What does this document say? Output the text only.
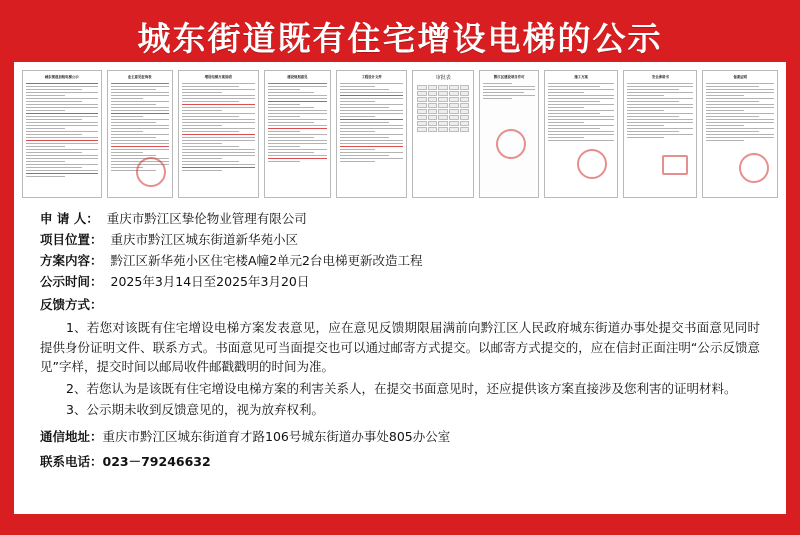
城东街道既有住宅增设电梯的公示
城东街道加装电梯公示	业主意见征询表	增设电梯方案说明	建设规划意见	工程设计文件	审批表	黔江区建设项目许可	施工方案	安全承诺书	备案证明
申 请 人： 重庆市黔江区挚伦物业管理有限公司
项目位置： 重庆市黔江区城东街道新华苑小区
方案内容： 黔江区新华苑小区住宅楼A幢2单元2台电梯更新改造工程
公示时间： 2025年3月14日至2025年3月20日
反馈方式：
1、若您对该既有住宅增设电梯方案发表意见，应在意见反馈期限届满前向黔江区人民政府城东街道办事处提交书面意见同时提供身份证明文件、联系方式。书面意见可当面提交也可以通过邮寄方式提交。以邮寄方式提交的，应在信封正面注明“公示反馈意见”字样，提交时间以邮局收件邮戳戳明的时间为准。
2、若您认为是该既有住宅增设电梯方案的利害关系人，在提交书面意见时，还应提供该方案直接涉及您利害的证明材料。
3、公示期未收到反馈意见的，视为放弃权利。
通信地址：重庆市黔江区城东街道育才路106号城东街道办事处805办公室
联系电话：023－79246632
